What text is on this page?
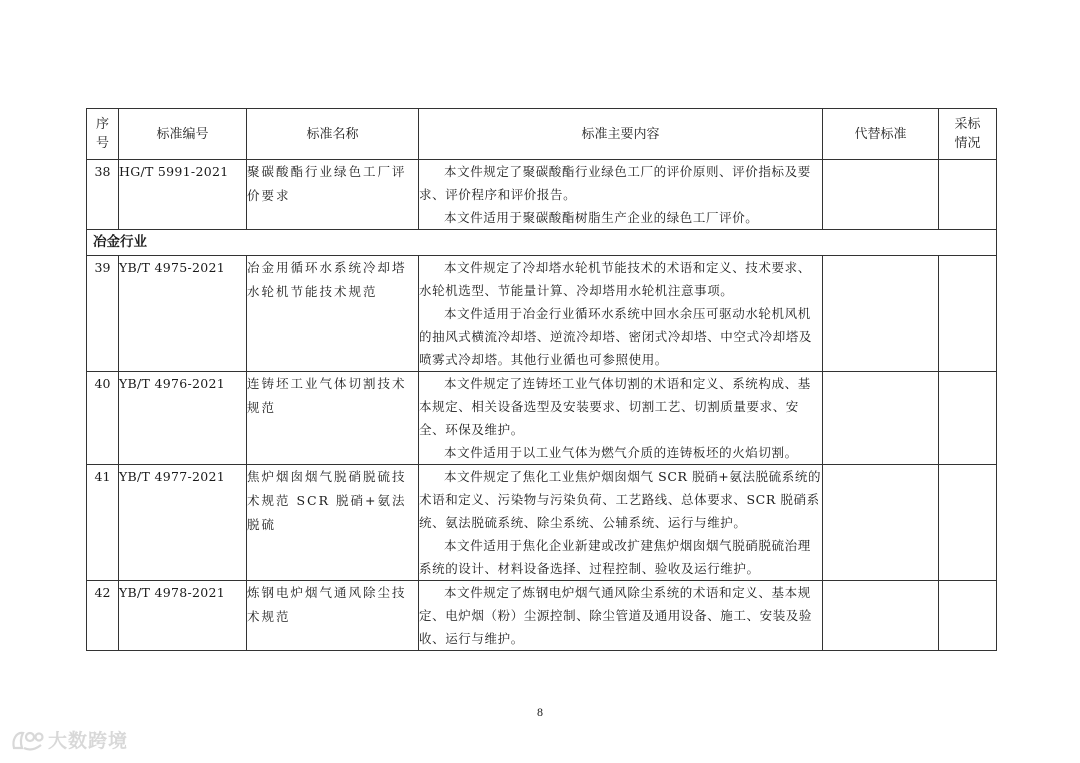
序号	标准编号	标准名称	标准主要内容	代替标准	采标情况
38	HG/T 5991-2021	聚碳酸酯行业绿色工厂评价要求	本文件规定了聚碳酸酯行业绿色工厂的评价原则、评价指标及要求、评价程序和评价报告。

本文件适用于聚碳酸酯树脂生产企业的绿色工厂评价。		

冶金行业					
39	YB/T 4975-2021	冶金用循环水系统冷却塔水轮机节能技术规范	本文件规定了冷却塔水轮机节能技术的术语和定义、技术要求、水轮机选型、节能量计算、冷却塔用水轮机注意事项。

本文件适用于冶金行业循环水系统中回水余压可驱动水轮机风机的抽风式横流冷却塔、逆流冷却塔、密闭式冷却塔、中空式冷却塔及喷雾式冷却塔。其他行业循也可参照使用。		

40	YB/T 4976-2021	连铸坯工业气体切割技术规范	本文件规定了连铸坯工业气体切割的术语和定义、系统构成、基本规定、相关设备选型及安装要求、切割工艺、切割质量要求、安全、环保及维护。

本文件适用于以工业气体为燃气介质的连铸板坯的火焰切割。		

41	YB/T 4977-2021	焦炉烟囱烟气脱硝脱硫技术规范 SCR 脱硝+氨法脱硫	本文件规定了焦化工业焦炉烟囱烟气 SCR 脱硝+氨法脱硫系统的术语和定义、污染物与污染负荷、工艺路线、总体要求、SCR 脱硝系统、氨法脱硫系统、除尘系统、公辅系统、运行与维护。

本文件适用于焦化企业新建或改扩建焦炉烟囱烟气脱硝脱硫治理系统的设计、材料设备选择、过程控制、验收及运行维护。		

42	YB/T 4978-2021	炼钢电炉烟气通风除尘技术规范	本文件规定了炼钢电炉烟气通风除尘系统的术语和定义、基本规定、电炉烟（粉）尘源控制、除尘管道及通用设备、施工、安装及验收、运行与维护。		

8
大数跨境
